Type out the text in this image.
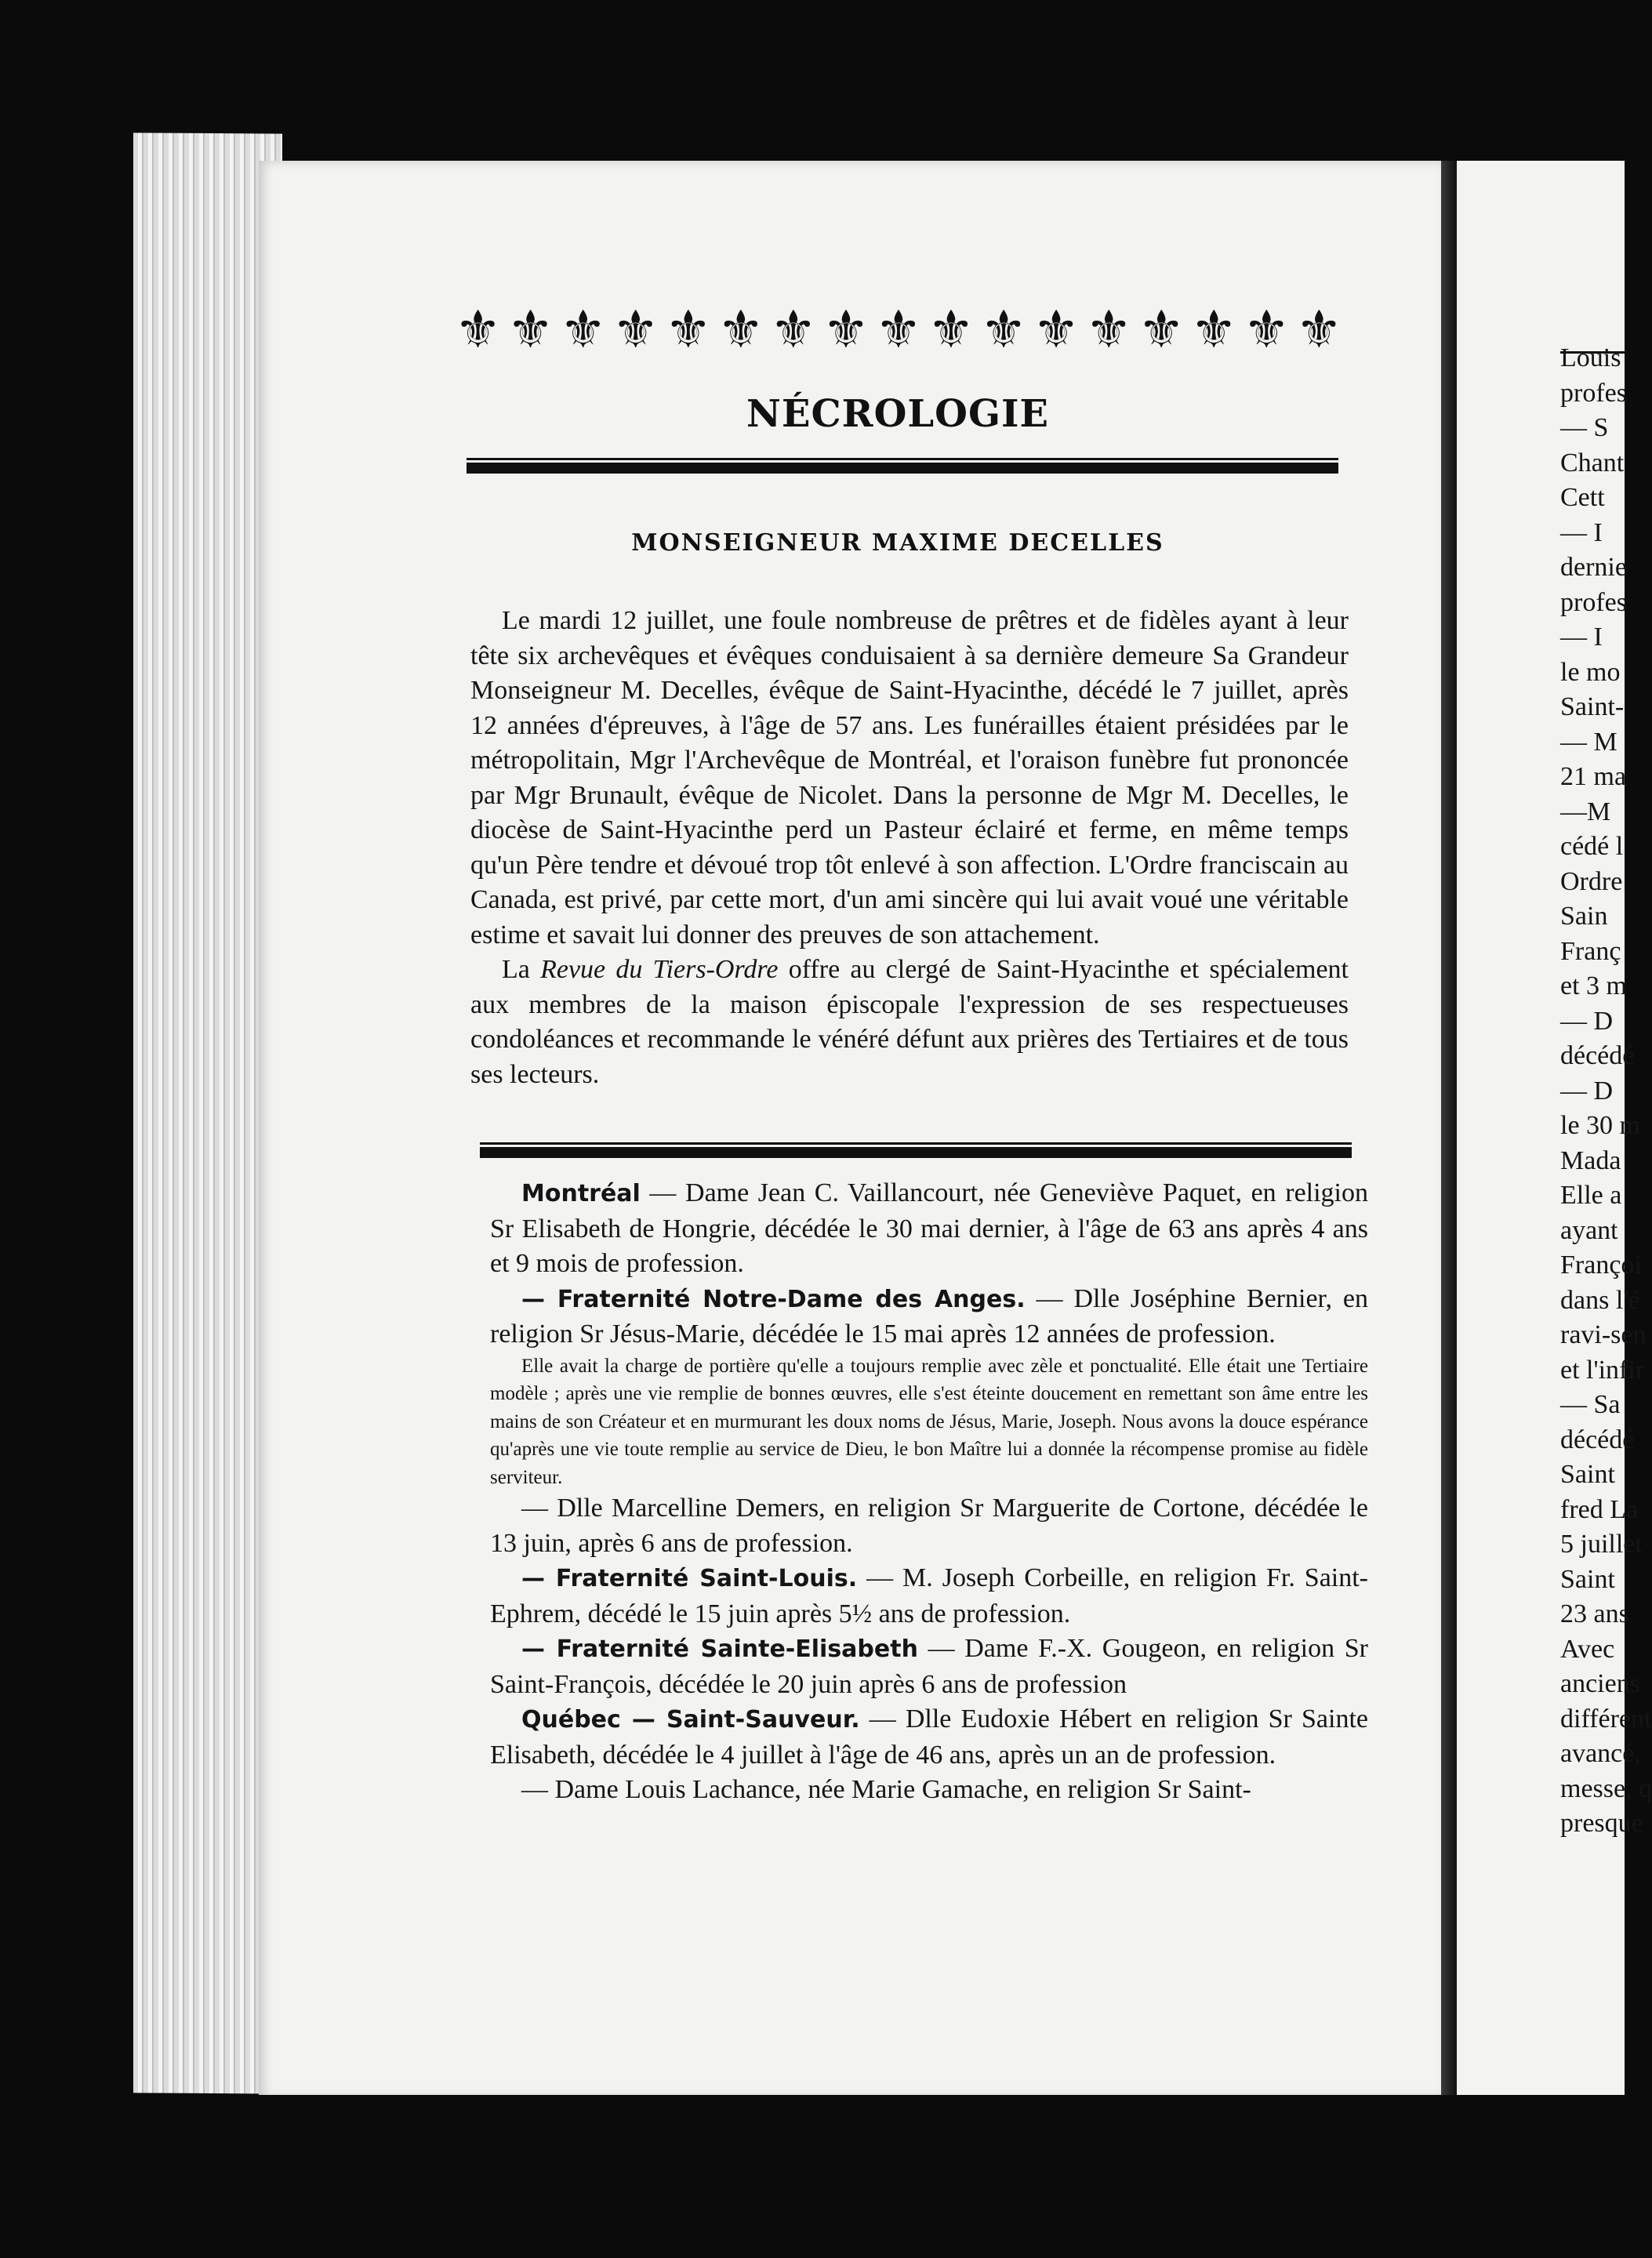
⚜ ⚜ ⚜ ⚜ ⚜ ⚜ ⚜ ⚜ ⚜ ⚜ ⚜ ⚜ ⚜ ⚜ ⚜ ⚜ ⚜
NÉCROLOGIE
MONSEIGNEUR MAXIME DECELLES

Le mardi 12 juillet, une foule nombreuse de prêtres et de fidèles ayant à leur tête six archevêques et évêques conduisaient à sa dernière demeure Sa Grandeur Monseigneur M. Decelles, évêque de Saint-Hyacinthe, décédé le 7 juillet, après 12 années d'épreuves, à l'âge de 57 ans. Les funérailles étaient présidées par le métropolitain, Mgr l'Archevêque de Montréal, et l'oraison funèbre fut prononcée par Mgr Brunault, évêque de Nicolet. Dans la personne de Mgr M. Decelles, le diocèse de Saint-Hyacinthe perd un Pasteur éclairé et ferme, en même temps qu'un Père tendre et dévoué trop tôt enlevé à son affection. L'Ordre franciscain au Canada, est privé, par cette mort, d'un ami sincère qui lui avait voué une véritable estime et savait lui donner des preuves de son attachement.

La Revue du Tiers-Ordre offre au clergé de Saint-Hyacinthe et spécialement aux membres de la maison épiscopale l'expression de ses respectueuses condoléances et recommande le vénéré défunt aux prières des Tertiaires et de tous ses lecteurs.

Montréal — Dame Jean C. Vaillancourt, née Geneviève Paquet, en religion Sr Elisabeth de Hongrie, décédée le 30 mai dernier, à l'âge de 63 ans après 4 ans et 9 mois de profession.

— Fraternité Notre-Dame des Anges. — Dlle Joséphine Bernier, en religion Sr Jésus-Marie, décédée le 15 mai après 12 années de profession.

Elle avait la charge de portière qu'elle a toujours remplie avec zèle et ponctualité. Elle était une Tertiaire modèle ; après une vie remplie de bonnes œuvres, elle s'est éteinte doucement en remettant son âme entre les mains de son Créateur et en murmurant les doux noms de Jésus, Marie, Joseph. Nous avons la douce espérance qu'après une vie toute remplie au service de Dieu, le bon Maître lui a donnée la récompense promise au fidèle serviteur.

— Dlle Marcelline Demers, en religion Sr Marguerite de Cortone, décédée le 13 juin, après 6 ans de profession.

— Fraternité Saint-Louis. — M. Joseph Corbeille, en religion Fr. Saint-Ephrem, décédé le 15 juin après 5½ ans de profession.

— Fraternité Sainte-Elisabeth — Dame F.-X. Gougeon, en religion Sr Saint-François, décédée le 20 juin après 6 ans de profession

Québec — Saint-Sauveur. — Dlle Eudoxie Hébert en religion Sr Sainte Elisabeth, décédée le 4 juillet à l'âge de 46 ans, après un an de profession.

— Dame Louis Lachance, née Marie Gamache, en religion Sr Saint-

Louis
profes
— S
Chant
Cett
— I
dernie
profes
— I
le mo
Saint-
— M
21 ma
—M
cédé l
Ordre
Sain
Franç
et 3 m
— D
décédé
— D
le 30 m
Mada
Elle a
ayant
Françoi
dans l'é
ravi-sen
et l'infir
— Sa
décédé
Saint
fred La
5 juillet
Saint
23 ans
Avec
anciens
différent
avancé,
messe, q
presque
